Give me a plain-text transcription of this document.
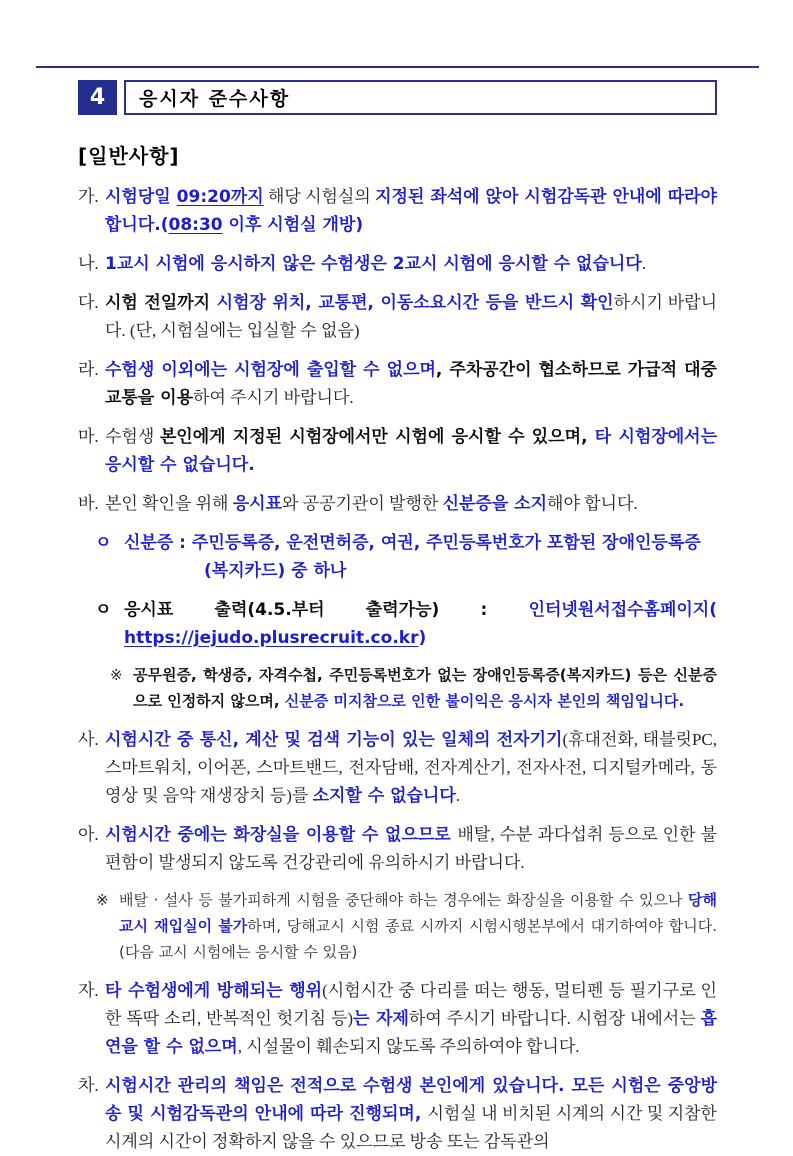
4 응시자 준수사항
[일반사항]
가. 시험당일 09:20까지 해당 시험실의 지정된 좌석에 앉아 시험감독관 안내에 따라야 합니다.(08:30 이후 시험실 개방)
나. 1교시 시험에 응시하지 않은 수험생은 2교시 시험에 응시할 수 없습니다.
다. 시험 전일까지 시험장 위치, 교통편, 이동소요시간 등을 반드시 확인하시기 바랍니다. (단, 시험실에는 입실할 수 없음)
라. 수험생 이외에는 시험장에 출입할 수 없으며, 주차공간이 협소하므로 가급적 대중교통을 이용하여 주시기 바랍니다.
마. 수험생 본인에게 지정된 시험장에서만 시험에 응시할 수 있으며, 타 시험장에서는 응시할 수 없습니다.
바. 본인 확인을 위해 응시표와 공공기관이 발행한 신분증을 소지해야 합니다.
ㅇ 신분증 : 주민등록증, 운전면허증, 여권, 주민등록번호가 포함된 장애인등록증
(복지카드) 중 하나
ㅇ 응시표 출력(4.5.부터 출력가능) : 인터넷원서접수홈페이지( https://jejudo.plusrecruit.co.kr)
※ 공무원증, 학생증, 자격수첩, 주민등록번호가 없는 장애인등록증(복지카드) 등은 신분증으로 인정하지 않으며, 신분증 미지참으로 인한 불이익은 응시자 본인의 책임입니다.
사. 시험시간 중 통신, 계산 및 검색 기능이 있는 일체의 전자기기(휴대전화, 태블릿PC, 스마트워치, 이어폰, 스마트밴드, 전자담배, 전자계산기, 전자사전, 디지털카메라, 동영상 및 음악 재생장치 등)를 소지할 수 없습니다.
아. 시험시간 중에는 화장실을 이용할 수 없으므로 배탈, 수분 과다섭취 등으로 인한 불편함이 발생되지 않도록 건강관리에 유의하시기 바랍니다.
※ 배탈 · 설사 등 불가피하게 시험을 중단해야 하는 경우에는 화장실을 이용할 수 있으나 당해교시 재입실이 불가하며, 당해교시 시험 종료 시까지 시험시행본부에서 대기하여야 합니다.(다음 교시 시험에는 응시할 수 있음)
자. 타 수험생에게 방해되는 행위(시험시간 중 다리를 떠는 행동, 멀티펜 등 필기구로 인한 똑딱 소리, 반복적인 헛기침 등)는 자제하여 주시기 바랍니다. 시험장 내에서는 흡연을 할 수 없으며, 시설물이 훼손되지 않도록 주의하여야 합니다.
차. 시험시간 관리의 책임은 전적으로 수험생 본인에게 있습니다. 모든 시험은 중앙방송 및 시험감독관의 안내에 따라 진행되며, 시험실 내 비치된 시계의 시간 및 지참한 시계의 시간이 정확하지 않을 수 있으므로 방송 또는 감독관의
